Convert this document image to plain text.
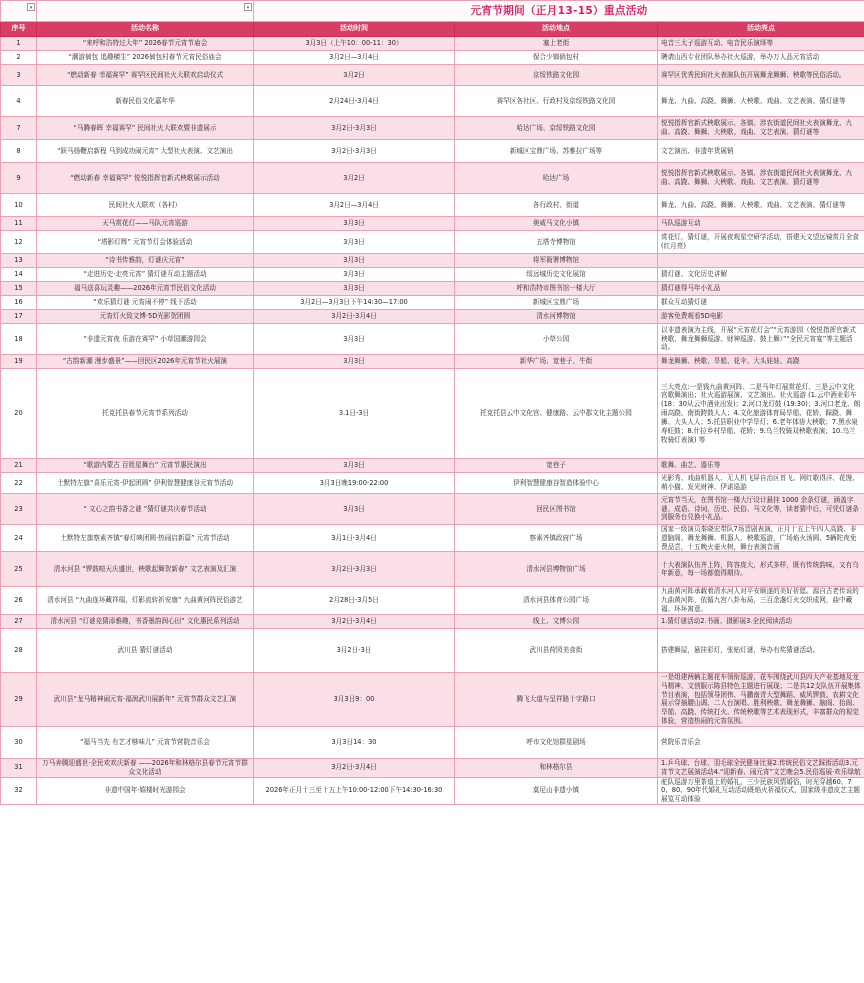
▾	▾	元宵节期间（正月13-15）重点活动		
序号	活动名称	活动时间	活动地点	活动亮点
1	“来呼和浩特过大年” 2026春节元宵节庙会	3月3日（上午10：00-11：30）	塞上老街	电音三太子巡游互动、电音民乐演绎等
2	“潮游倘包 追趣横生” 2026倘包村春节元宵民俗庙会	3月2日—3月4日	保合少镇倘包村	聘请山西专业团队举办社火巡游，举办万人品元宵活动
3	“燃动新春 幸福赛罕” 赛罕区民间社火大联欢启动仪式	3月2日	京绥铁路文化园	赛罕区优秀民间社火表演队伍开展舞龙舞狮、秧歌等民俗活动。
4	新春民俗文化嘉年华	2月24日-3月4日	赛罕区各社区、行政村及京绥铁路文化园	舞龙、九曲、高跷、舞狮、大秧歌、戏曲、文艺表演、猜灯谜等
7	“马腾春晖 幸福赛罕” 民间社火大联欢暨非遗展示	3月2日-3月3日	哈达广场、京绥铁路文化园	悦悦指挥官新式秧歌展示、各镇、涉农街道民间社火表演舞龙、九曲、高跷、舞狮、大秧歌、戏曲、文艺表演、猜灯谜等
8	“跃马扬鞭启新程 马到成功闹元宵” 大型社火表演、文艺演出	3月2日-3月3日	新城区宝鼎广场、苏雅拉广场等	文艺演出、非遗年货展销
9	“燃动新春 幸福赛罕” 悦悦指挥官新式秧歌展示活动	3月2日	哈达广场	悦悦指挥官新式秧歌展示、各镇、涉农街道民间社火表演舞龙、九曲、高跷、舞狮、大秧歌、戏曲、文艺表演、猜灯谜等
10	民间社火大联欢（各村）	3月2日—3月4日	各行政村、街道	舞龙、九曲、高跷、舞狮、大秧歌、戏曲、文艺表演、猜灯谜等
11	天马赏花灯——马队元宵巡游	3月3日	奥威马文化小镇	马队巡游互动
12	“塔影灯辉” 元宵节灯会体验活动	3月3日	五塔寺博物馆	赏花灯，猜灯谜，开展夜观星空研学活动，搭建天文望远镜赏月全食(红月亮)
13	“诗书传雅韵，灯谜庆元宵”	3月3日	将军衙署博物馆	
14	“走进历史·走亮元宵” 猜灯谜互动主题活动	3月3日	绥远城历史文化展馆	猜灯谜、文化历史讲解
15	福马送喜玩灵趣——2026年元宵节民俗文化活动	3月3日	呼和浩特市图书馆一楼大厅	猜灯谜得马年小礼品
16	“欢乐猜灯谜 元宵闹不停” 线下活动	3月2日—3月3日下午14:30—17:00	新城区宝鼎广场	群众互动猜灯谜
17	元宵灯火致文博·5D光影贺团圆	3月2日-3月4日	清水河博物馆	游客免费观看5D电影
18	“非遗元宵夜 乐游在赛罕” 小草国潮游园会	3月3日	小草公园	以非遗表演为主线，开展“元宵花灯会”“元宵游园（悦悦指挥官新式秧歌、舞龙舞狮巡游、财神巡游、鼓上舞）”“全民元宵宴”等主题活动。
19	“古韵新潮 漫步盛景”——回民区2026年元宵节社火展演	3月3日	新华广场、宽巷子、牛街	舞龙舞狮、秧歌、旱船、花伞、大头娃娃、高跷
20	托克托县春节元宵节系列活动	3.1日-3日	托克托县云中文化宫、健康路、云中郡文化主题公园	三大亮点:一是钱九曲黄河阵、二是马年灯展赏花灯、三是云中文化宫歌舞演出；社火巡游展演、文艺演出、社火巡游 (1.云中酒业彩车 (18：30从云中酒业出发)；2.河口龙灯鼓 (19:30)；3.河口老龙、朗雨高跷、南街跨鼓人人；4.文化旅游体育局旱船、花轿、踩跷、舞狮、大头人人；5.托县职业中学旱灯；6.老年体协大秧歌；7.黑水泉寿旺鼓；8.什拉乡村旱船、花轿；9.乌兰牧骑双秧歌表演；10.乌兰牧骑灯表演) 等
21	“歌游内蒙古 百姓星舞台” 元宵节惠民演出	3月3日	宽巷子	歌舞、曲艺、器乐等
22	土默特左旗“喜乐元宵·伊起团圆” 伊利智慧健康谷元宵节活动	3月3日晚19:00-22:00	伊利智慧健康谷智造体验中心	光影秀、戏曲机器人、无人机飞屏自治区首飞、网红歌得洋、花馒、萌小猫、发光财神、伊诺巡游
23	“ 文心之韵书香之谜 ”猜灯谜共庆春节活动	3月3日	回民区图书馆	元宵节当天，在图书馆一楼大厅设计悬挂 1000 余条灯谜，涵盖字谜、成语、诗词、历史、民俗、马文化等，读者猜中后，可凭灯谜条到服务台兑换小礼品。
24	土默特左旗察素齐镇“春灯映团圆·热闹启新篇” 元宵节活动	3月1日-3月4日	察素齐镇政府广场	国家一级演员秦晓宏带队7场晋剧表演，正月十五上午四人高跷、非遗脑阁、舞龙舞狮、机器人、秧歌巡游，广场焰火汤圆、5辆陀夜免费品尝，十五晚火壶火树，舞台表演音画
25	清水河县 “锣鼓喧天庆盛世，秧歌起舞贺新春” 文艺表演及汇演	3月2日-3月3日	清水河县博物馆广场	十大表演队伍齐上阵，阵容庞大，形式多样，既有传统韵味，又有乌年新意，每一场都值得期待。
26	清水河县 “九曲连环藏祥瑞，灯影流转祈安康” 九曲黄河阵民俗游艺	2月28日-3月5日	清水河县体育公园广场	九曲黄河阵承载着清水河人对平安顺遂的美好祈愿。源自古老传说的九曲黄河阵，依循九宫八卦布局，三百余盏灯火交织成网，曲中藏福、环环寓意。
27	清水河县 “灯谜竞猜添雅趣，书香墨韵润心田” 文化惠民系列活动	3月2日-3月4日	线上、文博公园	1.猜灯谜活动2.书画、摄影展3.全民阅读活动
28	武川县 猜灯谜活动	3月2日-3日	武川县荷园美食街	搭建舞屋，悬挂彩灯，张贴灯谜，举办有奖猜谜活动。
29	武川县“龙马精神闹元宵·福润武川展新年” 元宵节群众文艺汇演	3月3日9：00	腾飞大道与呈祥路十字路口	一是组建两辆主题花车领衔巡游，花车围绕武川县四大产业基地及龙马精神、文创服示陈县特色主题进行展现；二是共12支队伍开展集体节目表演，包括领导团伟、马鹏南青大型舞蹈、威风锣鼓、农耕文化展示穿插腰山调、二人台演唱、胜利秧歌、舞龙舞狮、脑阁、抬阁、旱船、高跷、传统打火、传统秧歌等艺术表现形式，丰富群众的视觉体验，营造热闹的元宵氛围。
30	“福马当先 有艺才够味儿” 元宵节营院音乐会	3月3日14：30	呼市文化馆群星剧场	营院乐音乐会
31	万马奔腾迎盛世·全民欢欢庆新春 ——2026年和林格尔县春节元宵节群众文化活动	3月2日-3月4日	和林格尔县	1.乒乓球、台球、羽毛球全民健身比赛2.传统民俗文艺踩街活动3.元宵节文艺展演活动4.“迎新春、闹元宵”文艺晚会5.民俗巡展·欢乐绿航
32	非遗中国年·嬉楼时光游园会	2026年正月十三至十五上午10:00-12:00下午14:30-16:30	莫尼山非遗小镇	驼队巡游万里茶道上的婚礼，三少民族风情婚俗，时光穿越60、70、80、90年代婚礼互动活动既焰火祈福仪式，国家级非遗皮艺主题展览互动体验
